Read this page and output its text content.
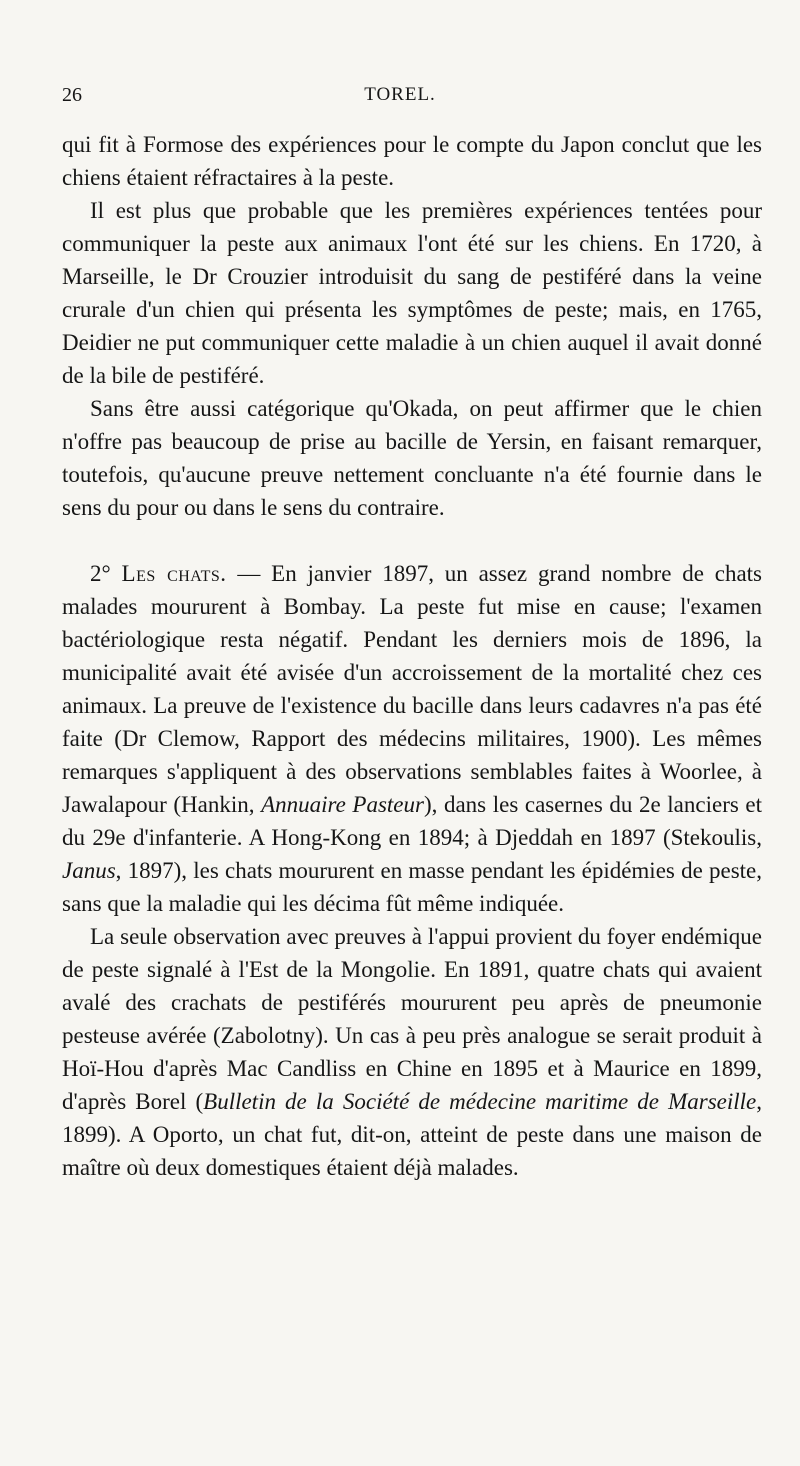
26	TOREL.

qui fit à Formose des expériences pour le compte du Japon conclut que les chiens étaient réfractaires à la peste.

Il est plus que probable que les premières expériences tentées pour communiquer la peste aux animaux l'ont été sur les chiens. En 1720, à Marseille, le Dr Crouzier introduisit du sang de pestiféré dans la veine crurale d'un chien qui présenta les symptômes de peste; mais, en 1765, Deidier ne put communiquer cette maladie à un chien auquel il avait donné de la bile de pestiféré.

Sans être aussi catégorique qu'Okada, on peut affirmer que le chien n'offre pas beaucoup de prise au bacille de Yersin, en faisant remarquer, toutefois, qu'aucune preuve nettement concluante n'a été fournie dans le sens du pour ou dans le sens du contraire.

2° Les chats. — En janvier 1897, un assez grand nombre de chats malades moururent à Bombay. La peste fut mise en cause; l'examen bactériologique resta négatif. Pendant les derniers mois de 1896, la municipalité avait été avisée d'un accroissement de la mortalité chez ces animaux. La preuve de l'existence du bacille dans leurs cadavres n'a pas été faite (Dr Clemow, Rapport des médecins militaires, 1900). Les mêmes remarques s'appliquent à des observations semblables faites à Woorlee, à Jawalapour (Hankin, Annuaire Pasteur), dans les casernes du 2e lanciers et du 29e d'infanterie. A Hong-Kong en 1894; à Djeddah en 1897 (Stekoulis, Janus, 1897), les chats moururent en masse pendant les épidémies de peste, sans que la maladie qui les décima fût même indiquée.

La seule observation avec preuves à l'appui provient du foyer endémique de peste signalé à l'Est de la Mongolie. En 1891, quatre chats qui avaient avalé des crachats de pestiférés moururent peu après de pneumonie pesteuse avérée (Zabolotny). Un cas à peu près analogue se serait produit à Hoï-Hou d'après Mac Candliss en Chine en 1895 et à Maurice en 1899, d'après Borel (Bulletin de la Société de médecine maritime de Marseille, 1899). A Oporto, un chat fut, dit-on, atteint de peste dans une maison de maître où deux domestiques étaient déjà malades.
